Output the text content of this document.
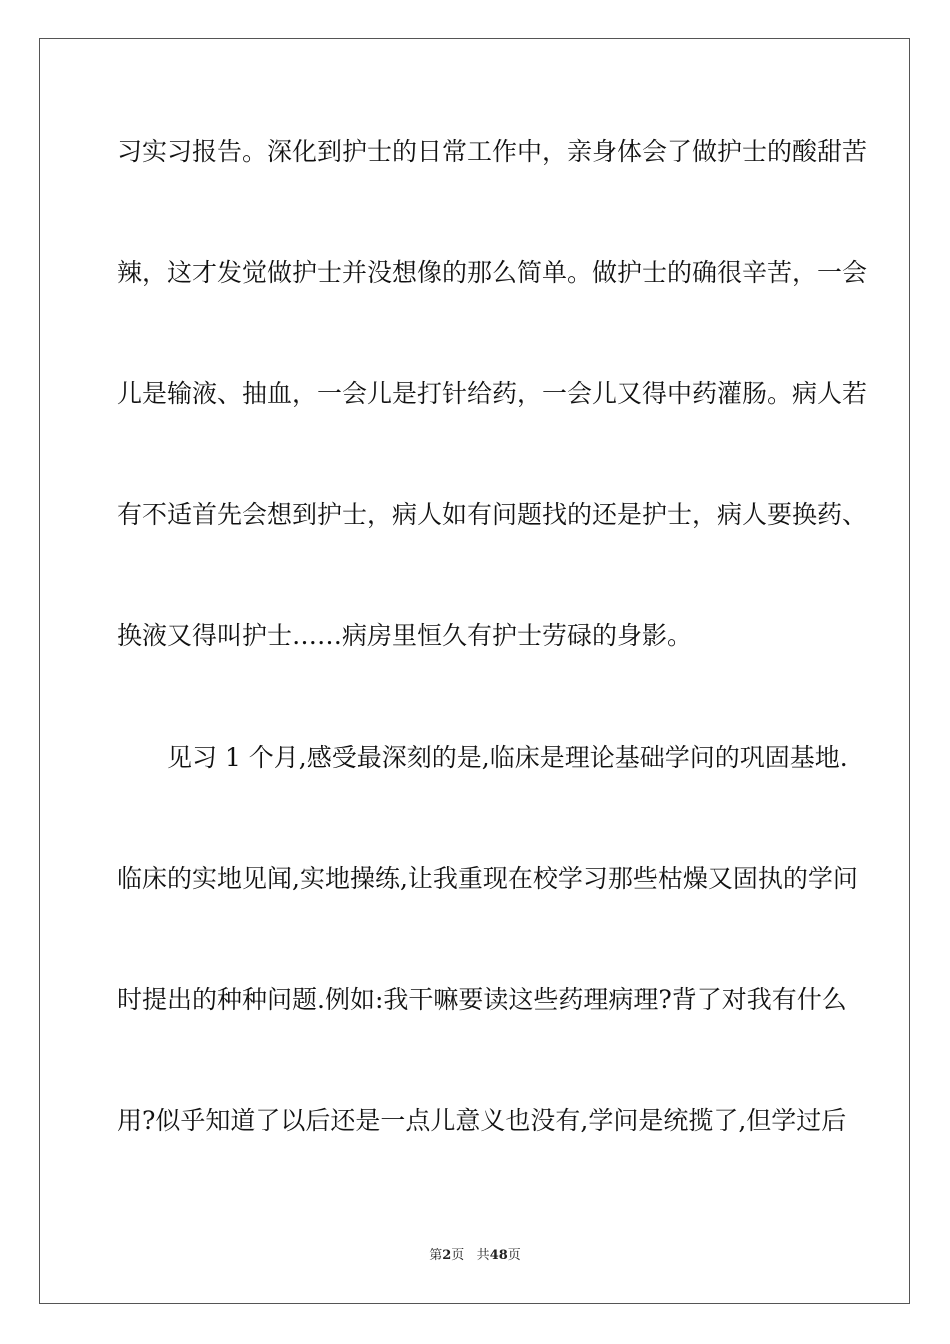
习实习报告。深化到护士的日常工作中，亲身体会了做护士的酸甜苦
辣，这才发觉做护士并没想像的那么简单。做护士的确很辛苦，一会
儿是输液、抽血，一会儿是打针给药，一会儿又得中药灌肠。病人若
有不适首先会想到护士，病人如有问题找的还是护士，病人要换药、
换液又得叫护士……病房里恒久有护士劳碌的身影。
见习 1 个月,感受最深刻的是,临床是理论基础学问的巩固基地.
临床的实地见闻,实地操练,让我重现在校学习那些枯燥又固执的学问
时提出的种种问题.例如:我干嘛要读这些药理病理?背了对我有什么
用?似乎知道了以后还是一点儿意义也没有,学问是统揽了,但学过后
第2页 共48页
